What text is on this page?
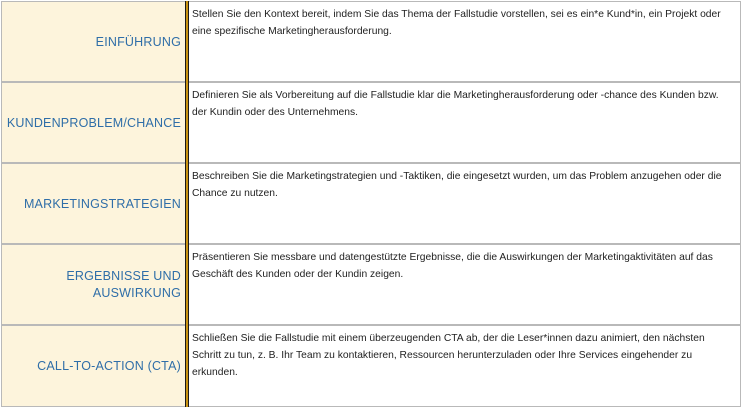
EINFÜHRUNG
Stellen Sie den Kontext bereit, indem Sie das Thema der Fallstudie vorstellen, sei es ein*e Kund*in, ein Projekt oder eine spezifische Marketingherausforderung.
KUNDENPROBLEM/CHANCE
Definieren Sie als Vorbereitung auf die Fallstudie klar die Marketingherausforderung oder -chance des Kunden bzw. der Kundin oder des Unternehmens.
MARKETINGSTRATEGIEN
Beschreiben Sie die Marketingstrategien und -Taktiken, die eingesetzt wurden, um das Problem anzugehen oder die Chance zu nutzen.
ERGEBNISSE UND AUSWIRKUNG
Präsentieren Sie messbare und datengestützte Ergebnisse, die die Auswirkungen der Marketingaktivitäten auf das Geschäft des Kunden oder der Kundin zeigen.
CALL-TO-ACTION (CTA)
Schließen Sie die Fallstudie mit einem überzeugenden CTA ab, der die Leser*innen dazu animiert, den nächsten Schritt zu tun, z. B. Ihr Team zu kontaktieren, Ressourcen herunterzuladen oder Ihre Services eingehender zu erkunden.
